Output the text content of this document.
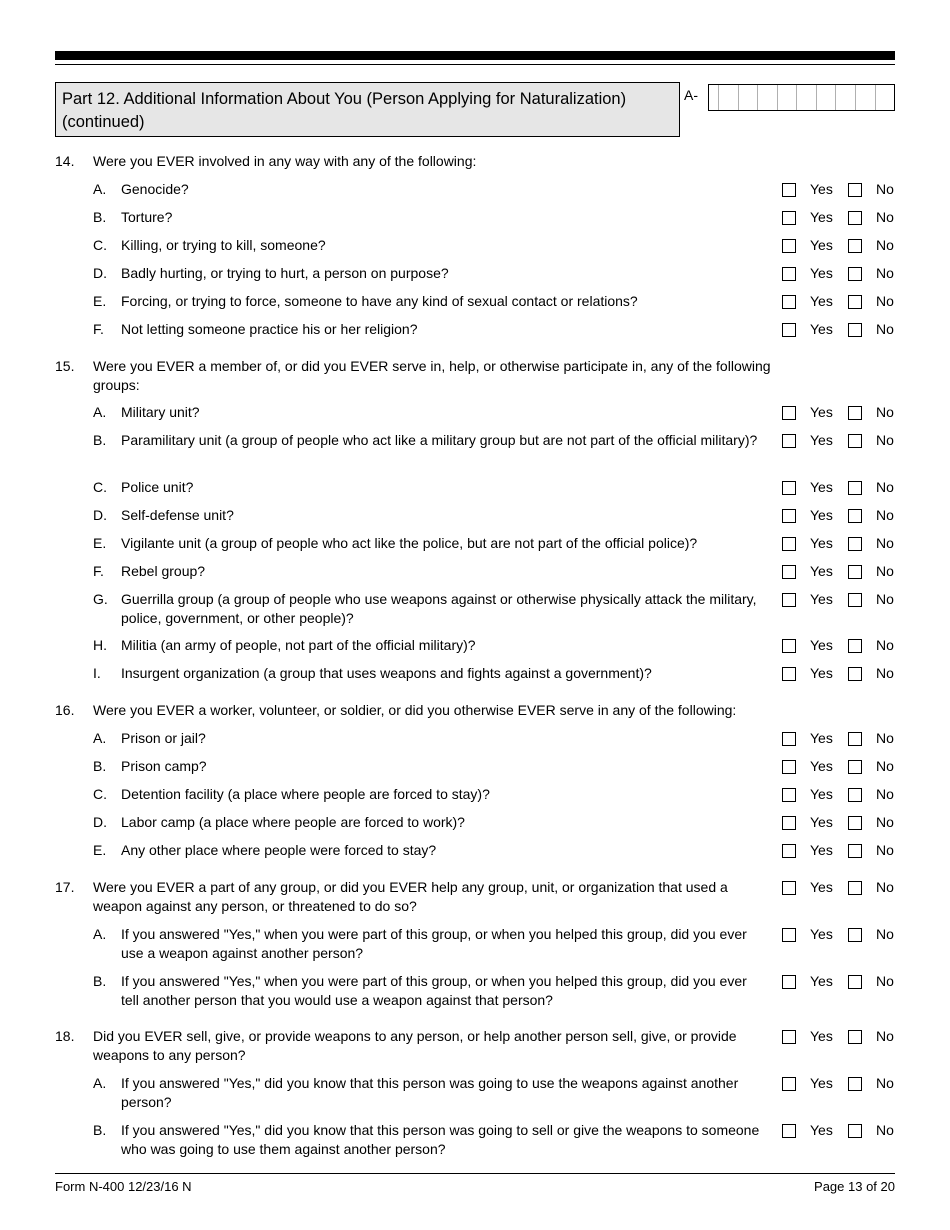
Part 12. Additional Information About You (Person Applying for Naturalization) (continued)
A-
14. Were you EVER involved in any way with any of the following:
A. Genocide?	Yes	No
B. Torture?	Yes	No
C. Killing, or trying to kill, someone?	Yes	No
D. Badly hurting, or trying to hurt, a person on purpose?	Yes	No
E. Forcing, or trying to force, someone to have any kind of sexual contact or relations?	Yes	No
F. Not letting someone practice his or her religion?	Yes	No
15. Were you EVER a member of, or did you EVER serve in, help, or otherwise participate in, any of the following groups:
A. Military unit?	Yes	No
B. Paramilitary unit (a group of people who act like a military group but are not part of the official military)?	Yes	No
C. Police unit?	Yes	No
D. Self-defense unit?	Yes	No
E. Vigilante unit (a group of people who act like the police, but are not part of the official police)?	Yes	No
F. Rebel group?	Yes	No
G. Guerrilla group (a group of people who use weapons against or otherwise physically attack the military, police, government, or other people)?
Yes	No
H. Militia (an army of people, not part of the official military)?	Yes	No
I. Insurgent organization (a group that uses weapons and fights against a government)?	Yes	No
16. Were you EVER a worker, volunteer, or soldier, or did you otherwise EVER serve in any of the following:
A. Prison or jail?	Yes	No
B. Prison camp?	Yes	No
C. Detention facility (a place where people are forced to stay)?	Yes	No
D. Labor camp (a place where people are forced to work)?	Yes	No
E. Any other place where people were forced to stay?	Yes	No
17. Were you EVER a part of any group, or did you EVER help any group, unit, or organization that used a weapon against any person, or threatened to do so?
Yes	No
A. If you answered "Yes," when you were part of this group, or when you helped this group, did you ever use a weapon against another person?
Yes	No
B. If you answered "Yes," when you were part of this group, or when you helped this group, did you ever tell another person that you would use a weapon against that person?
Yes	No
18. Did you EVER sell, give, or provide weapons to any person, or help another person sell, give, or provide weapons to any person?
Yes	No
A. If you answered "Yes," did you know that this person was going to use the weapons against another person?
Yes	No
B. If you answered "Yes," did you know that this person was going to sell or give the weapons to someone who was going to use them against another person?
Yes	No
Form N-400 12/23/16 N	Page 13 of 20
